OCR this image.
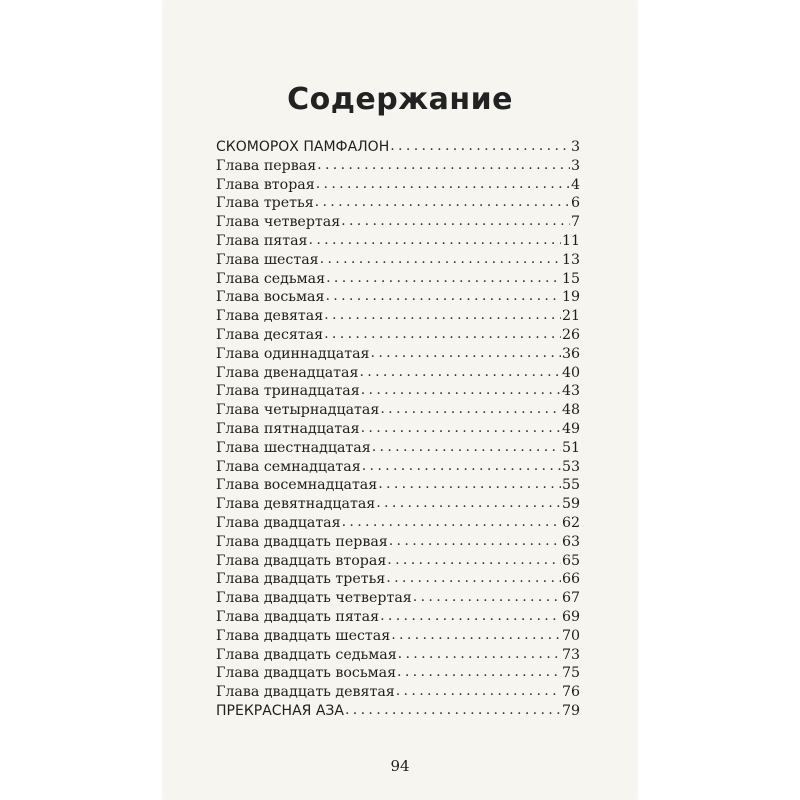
Содержание
СКОМОРОХ ПАМФАЛОН . . .	3
Глава первая . . .	3
Глава вторая . . .	4
Глава третья . . .	6
Глава четвертая . . .	7
Глава пятая . . .	11
Глава шестая . . .	13
Глава седьмая . . .	15
Глава восьмая . . .	19
Глава девятая . . .	21
Глава десятая . . .	26
Глава одиннадцатая . . .	36
Глава двенадцатая . . .	40
Глава тринадцатая . . .	43
Глава четырнадцатая . . .	48
Глава пятнадцатая . . .	49
Глава шестнадцатая . . .	51
Глава семнадцатая . . .	53
Глава восемнадцатая . . .	55
Глава девятнадцатая . . .	59
Глава двадцатая . . .	62
Глава двадцать первая . . .	63
Глава двадцать вторая . . .	65
Глава двадцать третья . . .	66
Глава двадцать четвертая . . .	67
Глава двадцать пятая . . .	69
Глава двадцать шестая . . .	70
Глава двадцать седьмая . . .	73
Глава двадцать восьмая . . .	75
Глава двадцать девятая . . .	76
ПРЕКРАСНАЯ АЗА . . .	79
94
